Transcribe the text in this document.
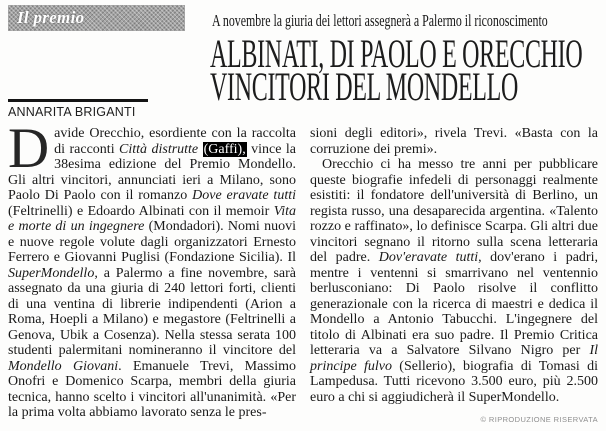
Il premio	A novembre la giuria dei lettori assegnerà a Palermo il riconoscimento
ALBINATI, DI PAOLO E ORECCHIO
VINCITORI DEL MONDELLO
ANNARITA BRIGANTI

Davide Orecchio, esordiente con la raccolta di racconti Città distrutte (Gaffi), vince la 38esima edizione del Premio Mondello. Gli altri vincitori, annunciati ieri a Milano, sono Paolo Di Paolo con il romanzo Dove eravate tutti (Feltrinelli) e Edoardo Albinati con il memoir Vita e morte di un ingegnere (Mondadori). Nomi nuovi e nuove regole volute dagli organizzatori Ernesto Ferrero e Giovanni Puglisi (Fondazione Sicilia). Il SuperMondello, a Palermo a fine novembre, sarà assegnato da una giuria di 240 lettori forti, clienti di una ventina di librerie indipendenti (Arion a Roma, Hoepli a Milano) e megastore (Feltrinelli a Genova, Ubik a Cosenza). Nella stessa serata 100 studenti palermitani nomineranno il vincitore del Mondello Giovani. Emanuele Trevi, Massimo Onofri e Domenico Scarpa, membri della giuria tecnica, hanno scelto i vincitori all'unanimità. «Per la prima volta abbiamo lavorato senza le pres-

sioni degli editori», rivela Trevi. «Basta con la corruzione dei premi».

Orecchio ci ha messo tre anni per pubblicare queste biografie infedeli di personaggi realmente esistiti: il fondatore dell'università di Berlino, un regista russo, una desaparecida argentina. «Talento rozzo e raffinato», lo definisce Scarpa. Gli altri due vincitori segnano il ritorno sulla scena letteraria del padre. Dov'eravate tutti, dov'erano i padri, mentre i ventenni si smarrivano nel ventennio berlusconiano: Di Paolo risolve il conflitto generazionale con la ricerca di maestri e dedica il Mondello a Antonio Tabucchi. L'ingegnere del titolo di Albinati era suo padre. Il Premio Critica letteraria va a Salvatore Silvano Nigro per Il principe fulvo (Sellerio), biografia di Tomasi di Lampedusa. Tutti ricevono 3.500 euro, più 2.500 euro a chi si aggiudicherà il SuperMondello.

© RIPRODUZIONE RISERVATA
